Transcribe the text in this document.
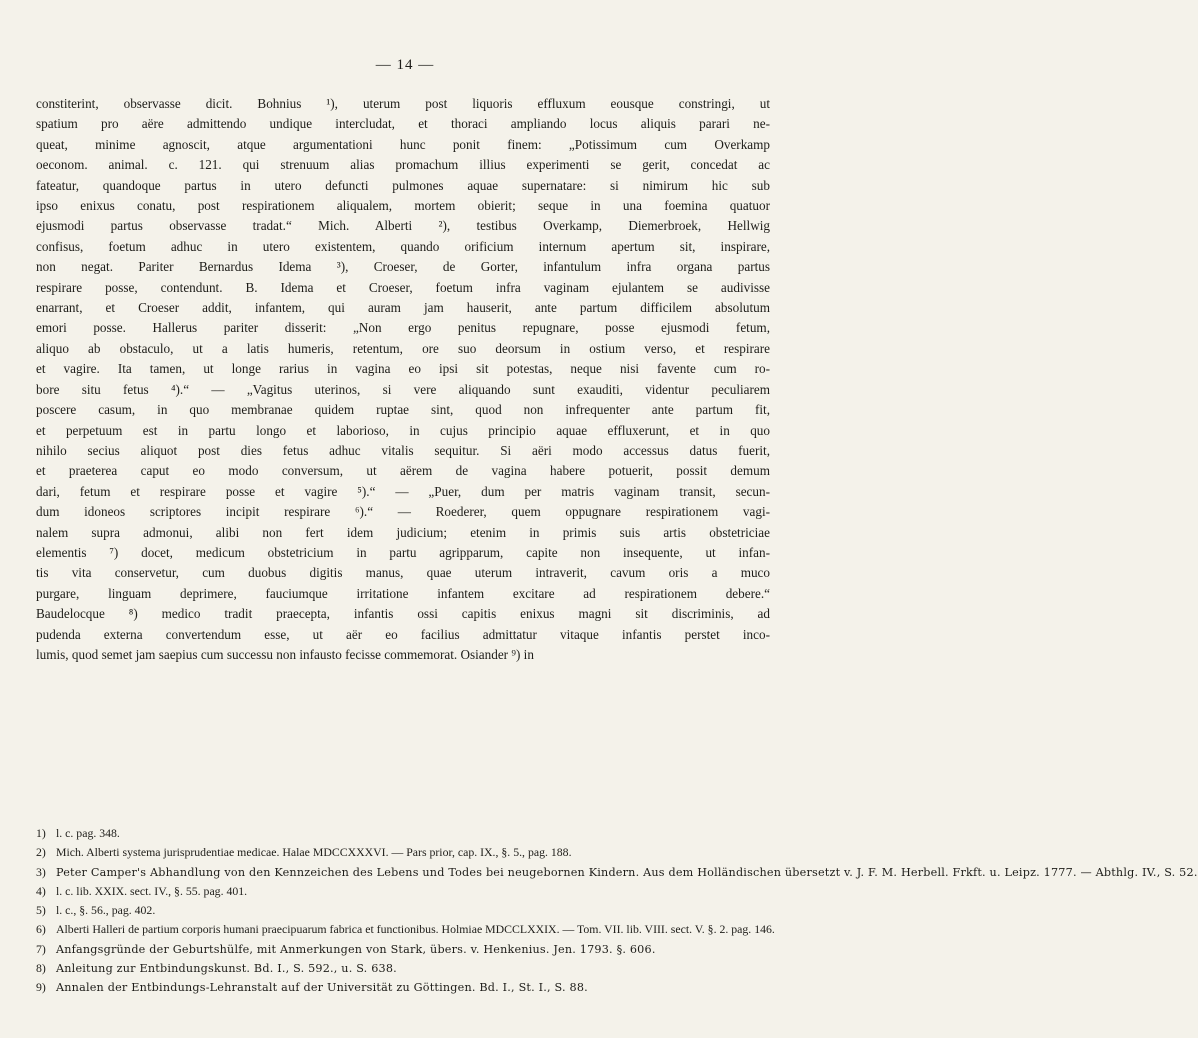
— 14 —
constiterint, observasse dicit. Bohnius ¹), uterum post liquoris effluxum eousque constringi, ut
spatium pro aëre admittendo undique intercludat, et thoraci ampliando locus aliquis parari ne-
queat, minime agnoscit, atque argumentationi hunc ponit finem: „Potissimum cum Overkamp
oeconom. animal. c. 121. qui strenuum alias promachum illius experimenti se gerit, concedat ac
fateatur, quandoque partus in utero defuncti pulmones aquae supernatare: si nimirum hic sub
ipso enixus conatu, post respirationem aliqualem, mortem obierit; seque in una foemina quatuor
ejusmodi partus observasse tradat.“ Mich. Alberti ²), testibus Overkamp, Diemerbroek, Hellwig
confisus, foetum adhuc in utero existentem, quando orificium internum apertum sit, inspirare,
non negat. Pariter Bernardus Idema ³), Croeser, de Gorter, infantulum infra organa partus
respirare posse, contendunt. B. Idema et Croeser, foetum infra vaginam ejulantem se audivisse
enarrant, et Croeser addit, infantem, qui auram jam hauserit, ante partum difficilem absolutum
emori posse. Hallerus pariter disserit: „Non ergo penitus repugnare, posse ejusmodi fetum,
aliquo ab obstaculo, ut a latis humeris, retentum, ore suo deorsum in ostium verso, et respirare
et vagire. Ita tamen, ut longe rarius in vagina eo ipsi sit potestas, neque nisi favente cum ro-
bore situ fetus ⁴).“ — „Vagitus uterinos, si vere aliquando sunt exauditi, videntur peculiarem
poscere casum, in quo membranae quidem ruptae sint, quod non infrequenter ante partum fit,
et perpetuum est in partu longo et laborioso, in cujus principio aquae effluxerunt, et in quo
nihilo secius aliquot post dies fetus adhuc vitalis sequitur. Si aëri modo accessus datus fuerit,
et praeterea caput eo modo conversum, ut aërem de vagina habere potuerit, possit demum
dari, fetum et respirare posse et vagire ⁵).“ — „Puer, dum per matris vaginam transit, secun-
dum idoneos scriptores incipit respirare ⁶).“ — Roederer, quem oppugnare respirationem vagi-
nalem supra admonui, alibi non fert idem judicium; etenim in primis suis artis obstetriciae
elementis ⁷) docet, medicum obstetricium in partu agripparum, capite non insequente, ut infan-
tis vita conservetur, cum duobus digitis manus, quae uterum intraverit, cavum oris a muco
purgare, linguam deprimere, fauciumque irritatione infantem excitare ad respirationem debere.“
Baudelocque ⁸) medico tradit praecepta, infantis ossi capitis enixus magni sit discriminis, ad
pudenda externa convertendum esse, ut aër eo facilius admittatur vitaque infantis perstet inco-
lumis, quod semet jam saepius cum successu non infausto fecisse commemorat. Osiander ⁹) in
1) l. c. pag. 348.
2) Mich. Alberti systema jurisprudentiae medicae. Halae MDCCXXXVI. — Pars prior, cap. IX., §. 5., pag. 188.
3) Peter Camper's Abhandlung von den Kennzeichen des Lebens und Todes bei neugebornen Kindern. Aus dem Holländischen übersetzt v. J. F. M. Herbell. Frkft. u. Leipz. 1777. — Abthlg. IV., S. 52.
4) l. c. lib. XXIX. sect. IV., §. 55. pag. 401.
5) l. c., §. 56., pag. 402.
6) Alberti Halleri de partium corporis humani praecipuarum fabrica et functionibus. Holmiae MDCCLXXIX. — Tom. VII. lib. VIII. sect. V. §. 2. pag. 146.
7) Anfangsgründe der Geburtshülfe, mit Anmerkungen von Stark, übers. v. Henkenius. Jen. 1793. §. 606.
8) Anleitung zur Entbindungskunst. Bd. I., S. 592., u. S. 638.
9) Annalen der Entbindungs-Lehranstalt auf der Universität zu Göttingen. Bd. I., St. I., S. 88.
